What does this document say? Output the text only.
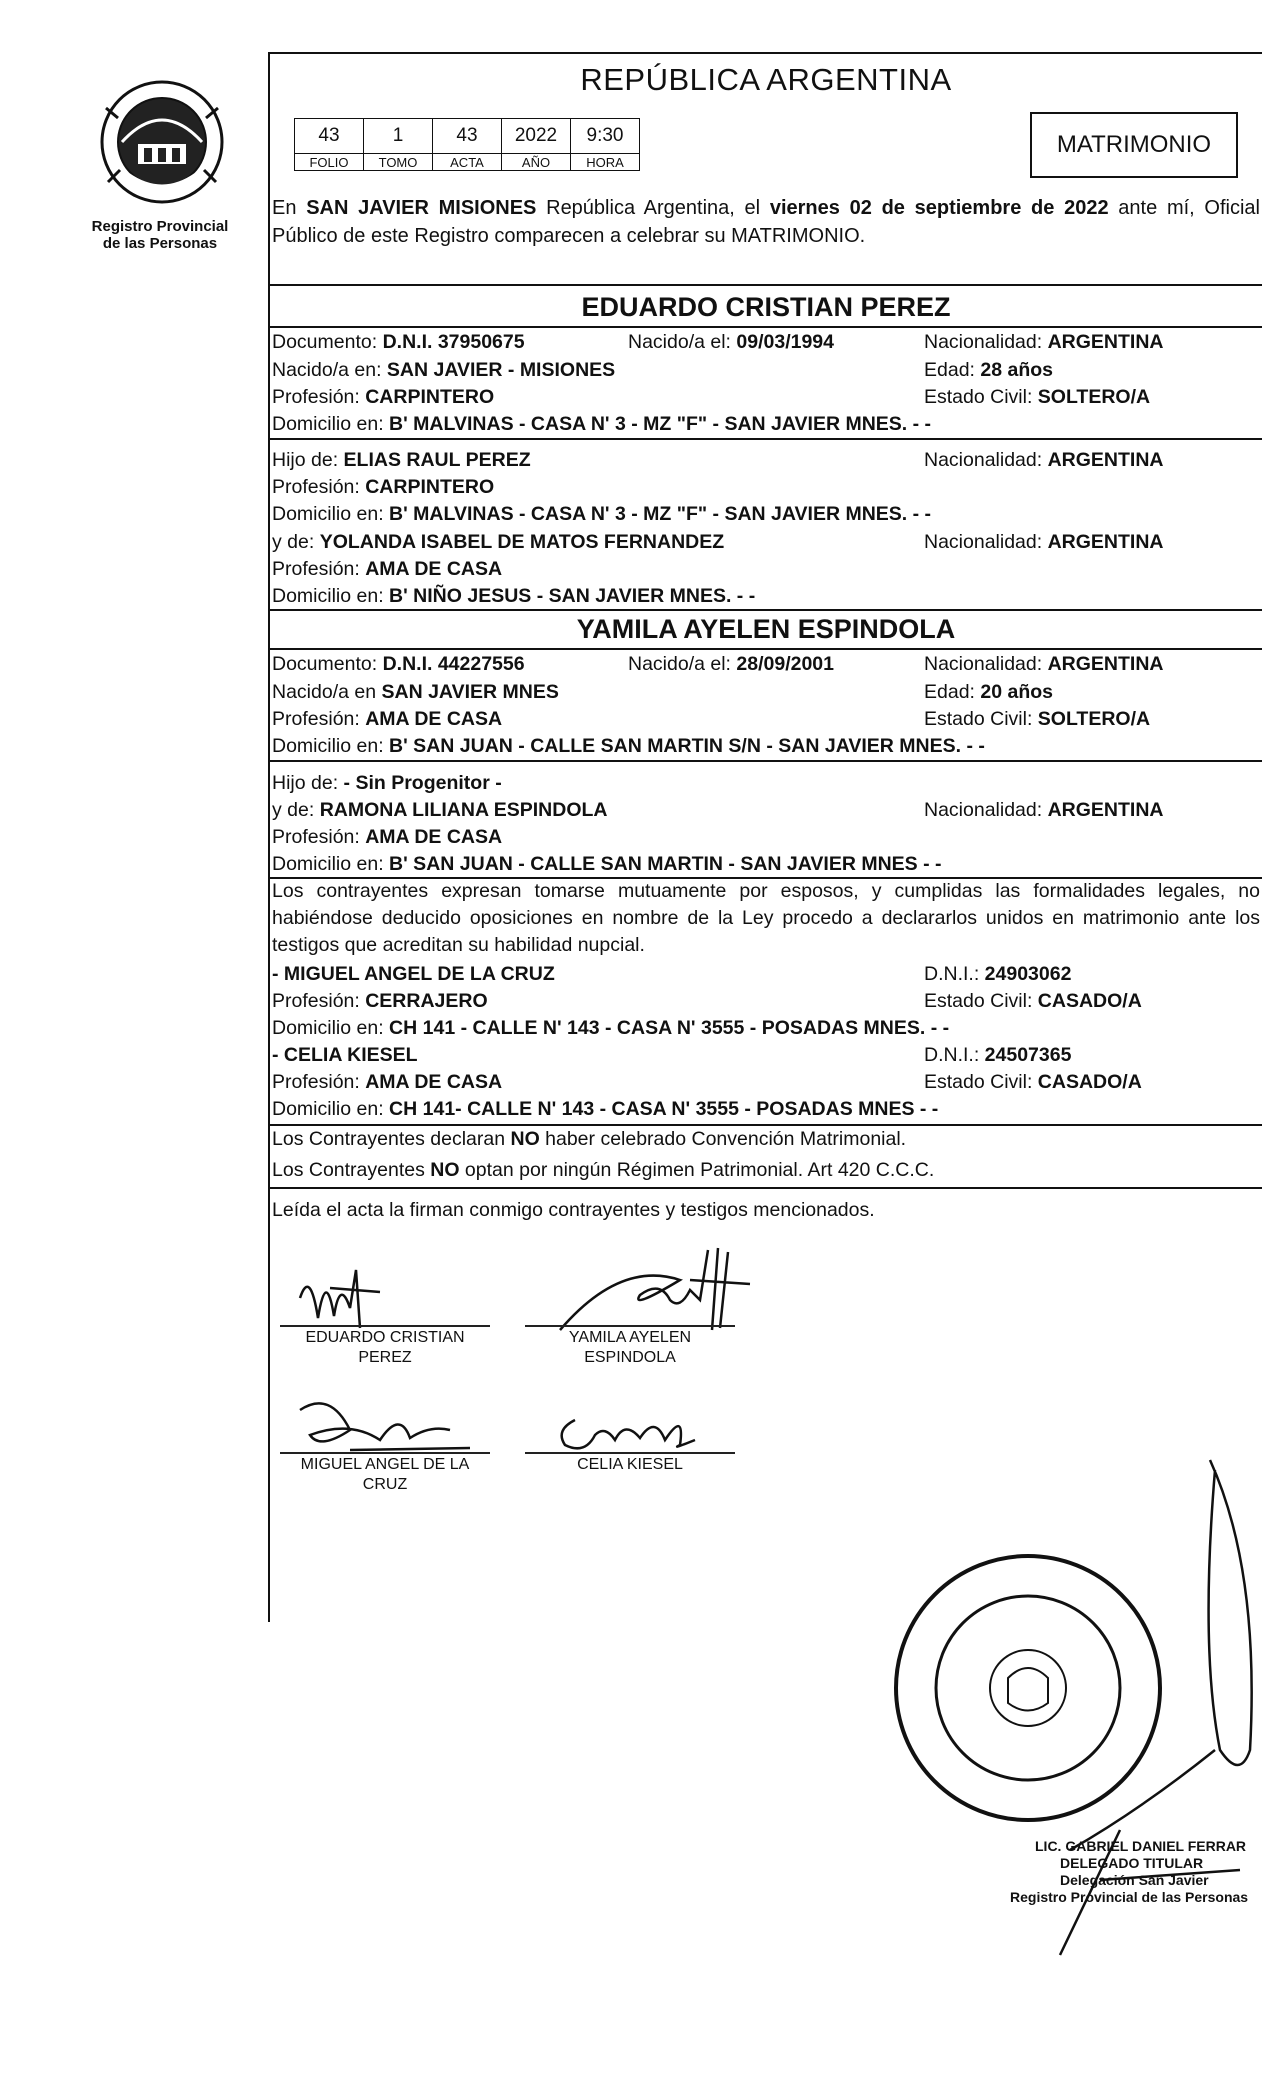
Registro Provincial
de las Personas
REPÚBLICA ARGENTINA
43	1	43	2022	9:30
FOLIO	TOMO	ACTA	AÑO	HORA
MATRIMONIO
En SAN JAVIER MISIONES República Argentina, el viernes 02 de septiembre de 2022 ante mí, Oficial Público de este Registro comparecen a celebrar su MATRIMONIO.
EDUARDO CRISTIAN PEREZ
Documento: D.N.I. 37950675	Nacido/a el: 09/03/1994	Nacionalidad: ARGENTINA
Nacido/a en: SAN JAVIER - MISIONES	Edad: 28 años
Profesión: CARPINTERO	Estado Civil: SOLTERO/A
Domicilio en: B' MALVINAS - CASA N' 3 - MZ "F" - SAN JAVIER MNES. - -
Hijo de: ELIAS RAUL PEREZ	Nacionalidad: ARGENTINA
Profesión: CARPINTERO
Domicilio en: B' MALVINAS - CASA N' 3 - MZ "F" - SAN JAVIER MNES. - -
y de: YOLANDA ISABEL DE MATOS FERNANDEZ	Nacionalidad: ARGENTINA
Profesión: AMA DE CASA
Domicilio en: B' NIÑO JESUS - SAN JAVIER MNES. - -
YAMILA AYELEN ESPINDOLA
Documento: D.N.I. 44227556	Nacido/a el: 28/09/2001	Nacionalidad: ARGENTINA
Nacido/a en SAN JAVIER MNES	Edad: 20 años
Profesión: AMA DE CASA	Estado Civil: SOLTERO/A
Domicilio en: B' SAN JUAN - CALLE SAN MARTIN S/N - SAN JAVIER MNES. - -
Hijo de: - Sin Progenitor -
y de: RAMONA LILIANA ESPINDOLA	Nacionalidad: ARGENTINA
Profesión: AMA DE CASA
Domicilio en: B' SAN JUAN - CALLE SAN MARTIN - SAN JAVIER MNES - -
Los contrayentes expresan tomarse mutuamente por esposos, y cumplidas las formalidades legales, no habiéndose deducido oposiciones en nombre de la Ley procedo a declararlos unidos en matrimonio ante los testigos que acreditan su habilidad nupcial.
- MIGUEL ANGEL DE LA CRUZ	D.N.I.: 24903062
Profesión: CERRAJERO	Estado Civil: CASADO/A
Domicilio en: CH 141 - CALLE N' 143 - CASA N' 3555 - POSADAS MNES. - -
- CELIA KIESEL	D.N.I.: 24507365
Profesión: AMA DE CASA	Estado Civil: CASADO/A
Domicilio en: CH 141- CALLE N' 143 - CASA N' 3555 - POSADAS MNES - -
Los Contrayentes declaran NO haber celebrado Convención Matrimonial.
Los Contrayentes NO optan por ningún Régimen Patrimonial. Art 420 C.C.C.
Leída el acta la firman conmigo contrayentes y testigos mencionados.
EDUARDO CRISTIAN
PEREZ
YAMILA AYELEN
ESPINDOLA
MIGUEL ANGEL DE LA
CRUZ
CELIA KIESEL
LIC. GABRIEL DANIEL FERRAR
DELEGADO TITULAR
Delegación San Javier
Registro Provincial de las Personas
